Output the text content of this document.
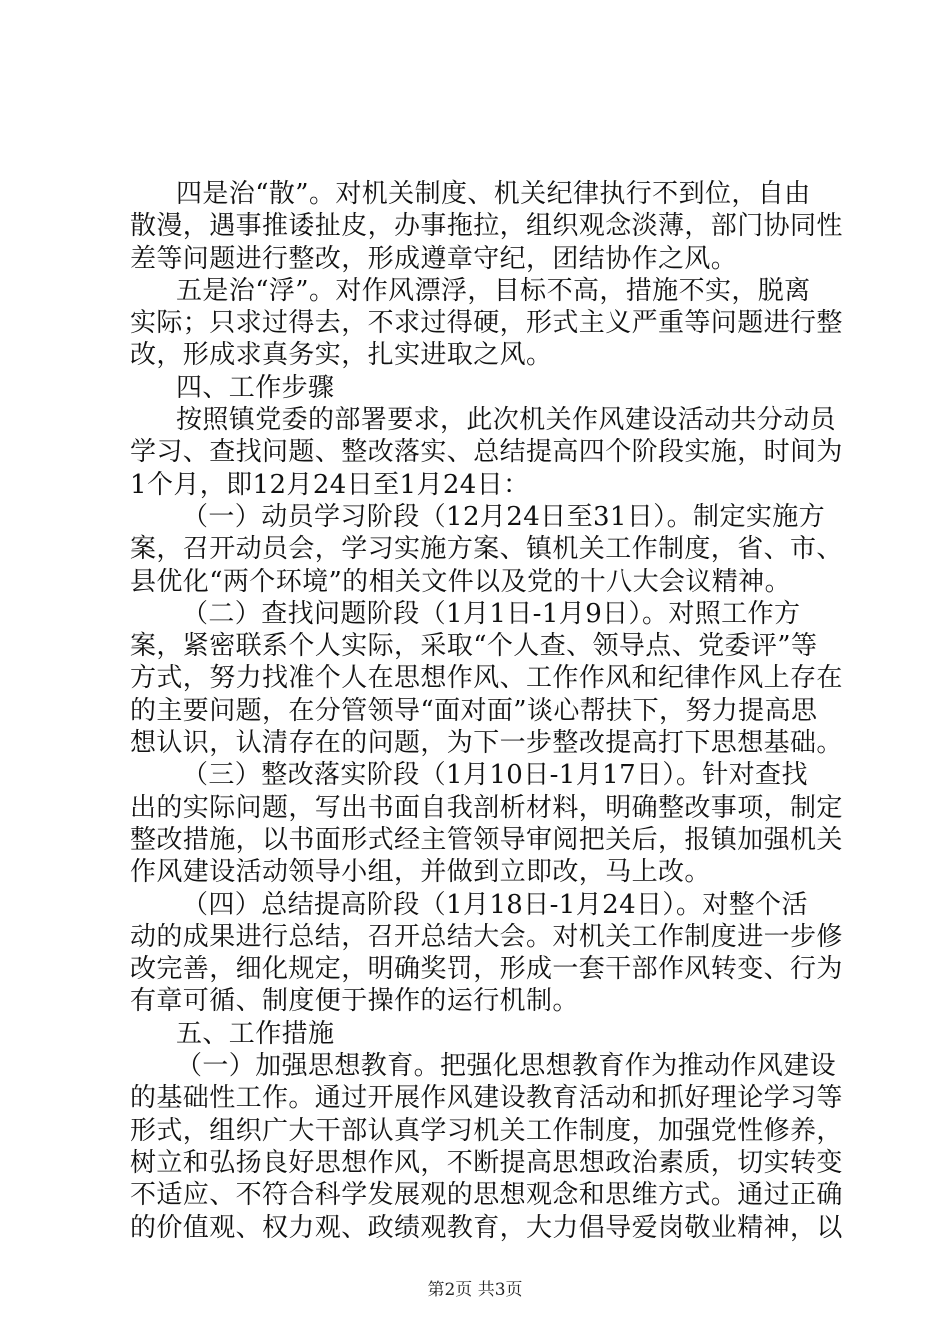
四是治“散”。对机关制度、机关纪律执行不到位，自由
散漫，遇事推诿扯皮，办事拖拉，组织观念淡薄，部门协同性
差等问题进行整改，形成遵章守纪，团结协作之风。
五是治“浮”。对作风漂浮，目标不高，措施不实，脱离
实际；只求过得去，不求过得硬，形式主义严重等问题进行整
改，形成求真务实，扎实进取之风。
四、工作步骤
按照镇党委的部署要求，此次机关作风建设活动共分动员
学习、查找问题、整改落实、总结提高四个阶段实施，时间为
1个月，即12月24日至1月24日：
（一）动员学习阶段（12月24日至31日）。制定实施方
案，召开动员会，学习实施方案、镇机关工作制度，省、市、
县优化“两个环境”的相关文件以及党的十八大会议精神。
（二）查找问题阶段（1月1日-1月9日）。对照工作方
案，紧密联系个人实际，采取“个人查、领导点、党委评”等
方式，努力找准个人在思想作风、工作作风和纪律作风上存在
的主要问题，在分管领导“面对面”谈心帮扶下，努力提高思
想认识，认清存在的问题，为下一步整改提高打下思想基础。
（三）整改落实阶段（1月10日-1月17日）。针对查找
出的实际问题，写出书面自我剖析材料，明确整改事项，制定
整改措施，以书面形式经主管领导审阅把关后，报镇加强机关
作风建设活动领导小组，并做到立即改，马上改。
（四）总结提高阶段（1月18日-1月24日）。对整个活
动的成果进行总结，召开总结大会。对机关工作制度进一步修
改完善，细化规定，明确奖罚，形成一套干部作风转变、行为
有章可循、制度便于操作的运行机制。
五、工作措施
（一）加强思想教育。把强化思想教育作为推动作风建设
的基础性工作。通过开展作风建设教育活动和抓好理论学习等
形式，组织广大干部认真学习机关工作制度，加强党性修养，
树立和弘扬良好思想作风，不断提高思想政治素质，切实转变
不适应、不符合科学发展观的思想观念和思维方式。通过正确
的价值观、权力观、政绩观教育，大力倡导爱岗敬业精神，以
第2页 共3页
